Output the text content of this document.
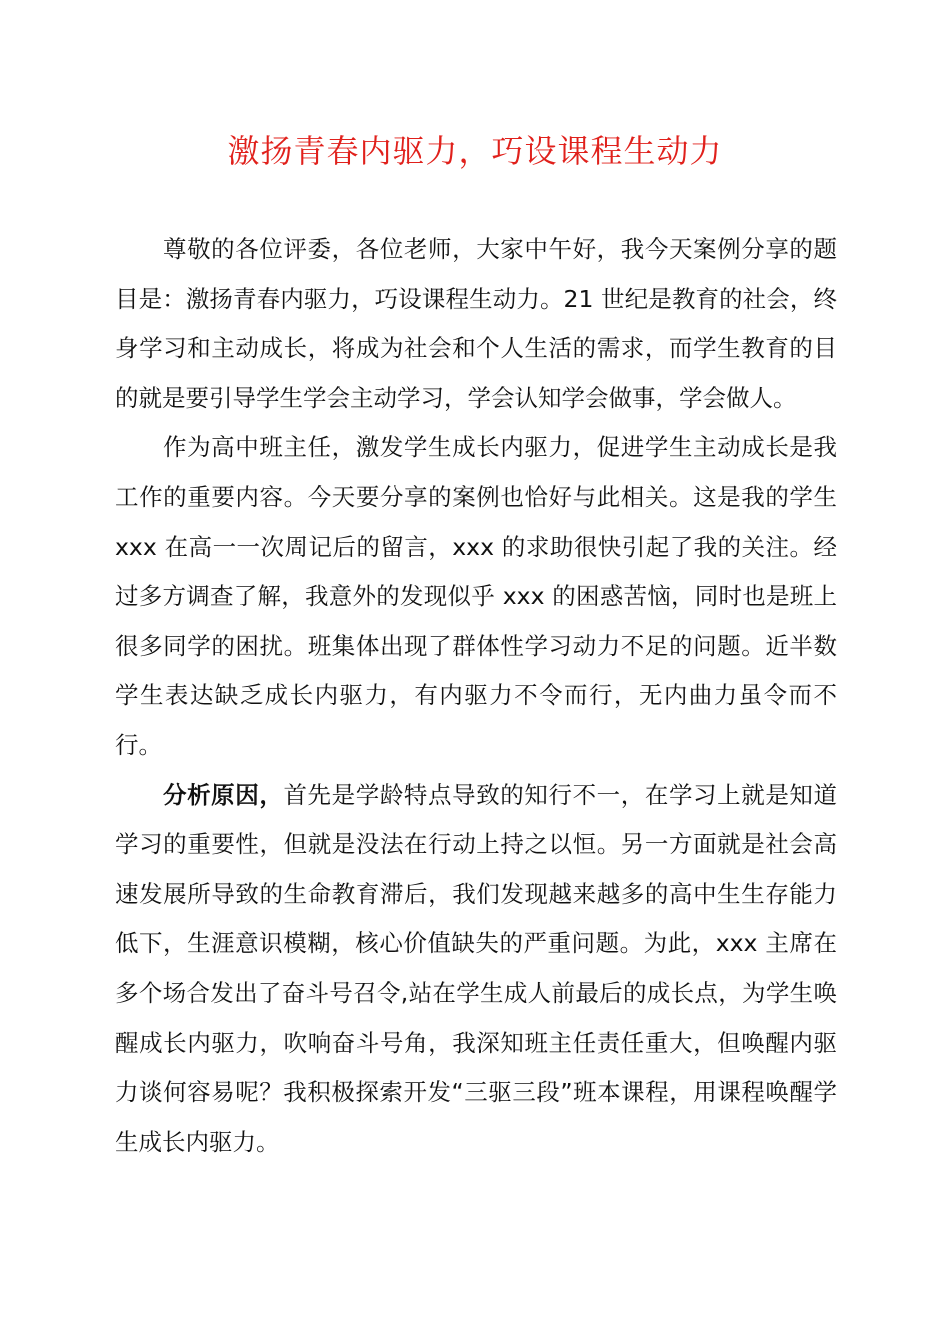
激扬青春内驱力，巧设课程生动力

尊敬的各位评委，各位老师，大家中午好，我今天案例分享的题目是：激扬青春内驱力，巧设课程生动力。21 世纪是教育的社会，终身学习和主动成长，将成为社会和个人生活的需求，而学生教育的目的就是要引导学生学会主动学习，学会认知学会做事，学会做人。

作为高中班主任，激发学生成长内驱力，促进学生主动成长是我工作的重要内容。今天要分享的案例也恰好与此相关。这是我的学生 xxx 在高一一次周记后的留言，xxx 的求助很快引起了我的关注。经过多方调查了解，我意外的发现似乎 xxx 的困惑苦恼，同时也是班上很多同学的困扰。班集体出现了群体性学习动力不足的问题。近半数学生表达缺乏成长内驱力，有内驱力不令而行，无内曲力虽令而不行。

分析原因，首先是学龄特点导致的知行不一，在学习上就是知道学习的重要性，但就是没法在行动上持之以恒。另一方面就是社会高速发展所导致的生命教育滞后，我们发现越来越多的高中生生存能力低下，生涯意识模糊，核心价值缺失的严重问题。为此，xxx 主席在多个场合发出了奋斗号召令,站在学生成人前最后的成长点，为学生唤醒成长内驱力，吹响奋斗号角，我深知班主任责任重大，但唤醒内驱力谈何容易呢？我积极探索开发“三驱三段”班本课程，用课程唤醒学生成长内驱力。
